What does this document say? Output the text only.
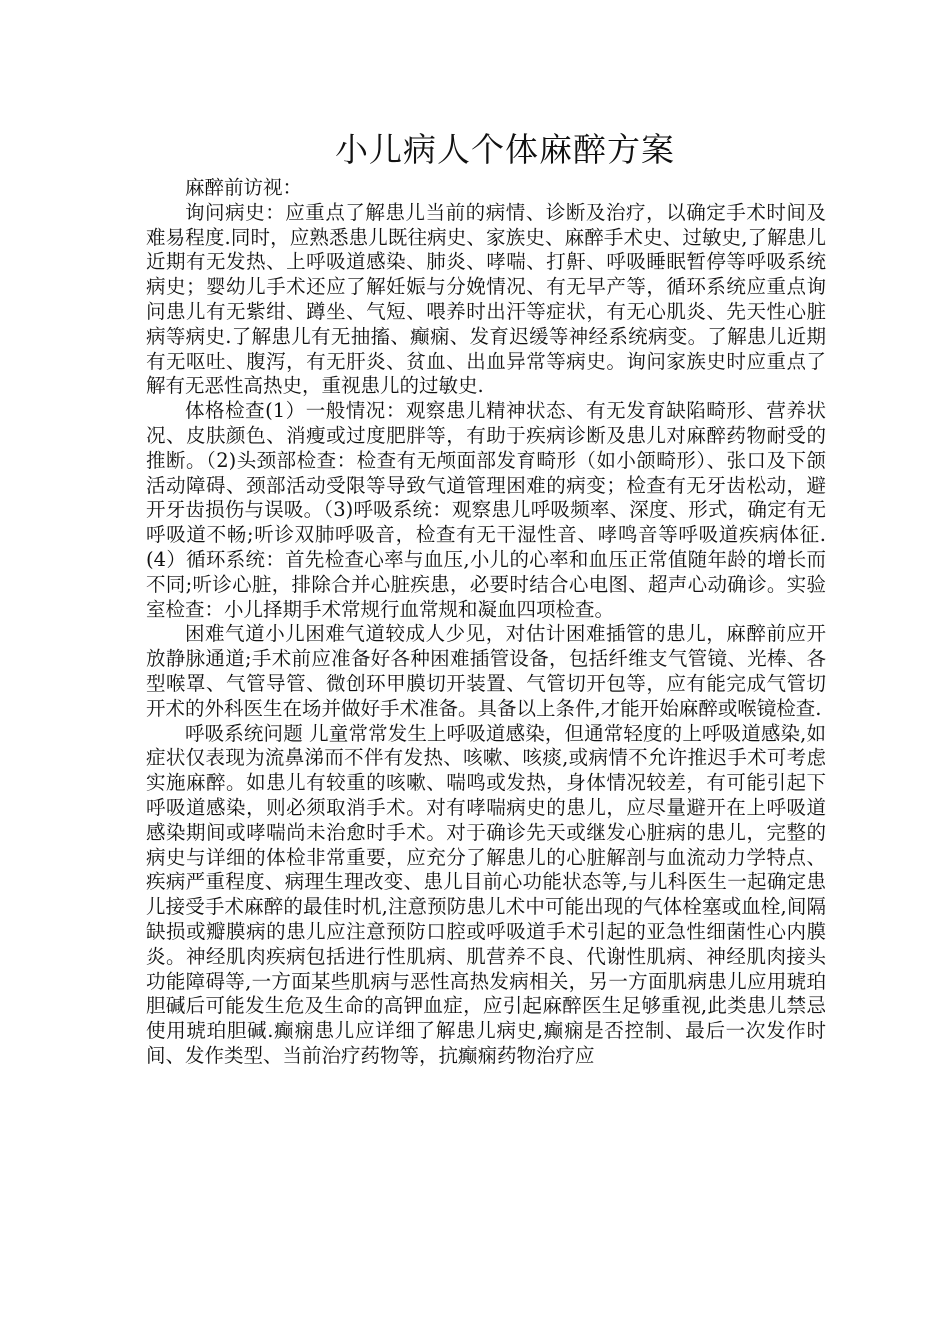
小儿病人个体麻醉方案

麻醉前访视：

询问病史：应重点了解患儿当前的病情、诊断及治疗，以确定手术时间及难易程度.同时，应熟悉患儿既往病史、家族史、麻醉手术史、过敏史,了解患儿近期有无发热、上呼吸道感染、肺炎、哮喘、打鼾、呼吸睡眠暂停等呼吸系统病史；婴幼儿手术还应了解妊娠与分娩情况、有无早产等，循环系统应重点询问患儿有无紫绀、蹲坐、气短、喂养时出汗等症状，有无心肌炎、先天性心脏病等病史.了解患儿有无抽搐、癫痫、发育迟缓等神经系统病变。了解患儿近期有无呕吐、腹泻，有无肝炎、贫血、出血异常等病史。询问家族史时应重点了解有无恶性高热史，重视患儿的过敏史.

体格检查(1）一般情况：观察患儿精神状态、有无发育缺陷畸形、营养状况、皮肤颜色、消瘦或过度肥胖等，有助于疾病诊断及患儿对麻醉药物耐受的推断。（2)头颈部检查：检查有无颅面部发育畸形（如小颌畸形）、张口及下颌活动障碍、颈部活动受限等导致气道管理困难的病变；检查有无牙齿松动，避开牙齿损伤与误吸。（3)呼吸系统：观察患儿呼吸频率、深度、形式，确定有无呼吸道不畅;听诊双肺呼吸音，检查有无干湿性音、哮鸣音等呼吸道疾病体征.(4）循环系统：首先检查心率与血压,小儿的心率和血压正常值随年龄的增长而不同;听诊心脏，排除合并心脏疾患，必要时结合心电图、超声心动确诊。实验室检查：小儿择期手术常规行血常规和凝血四项检查。

困难气道小儿困难气道较成人少见，对估计困难插管的患儿，麻醉前应开放静脉通道;手术前应准备好各种困难插管设备，包括纤维支气管镜、光棒、各型喉罩、气管导管、微创环甲膜切开装置、气管切开包等，应有能完成气管切开术的外科医生在场并做好手术准备。具备以上条件,才能开始麻醉或喉镜检查.

呼吸系统问题 儿童常常发生上呼吸道感染，但通常轻度的上呼吸道感染,如症状仅表现为流鼻涕而不伴有发热、咳嗽、咳痰,或病情不允许推迟手术可考虑实施麻醉。如患儿有较重的咳嗽、喘鸣或发热，身体情况较差，有可能引起下呼吸道感染，则必须取消手术。对有哮喘病史的患儿，应尽量避开在上呼吸道感染期间或哮喘尚未治愈时手术。对于确诊先天或继发心脏病的患儿，完整的病史与详细的体检非常重要，应充分了解患儿的心脏解剖与血流动力学特点、疾病严重程度、病理生理改变、患儿目前心功能状态等,与儿科医生一起确定患儿接受手术麻醉的最佳时机,注意预防患儿术中可能出现的气体栓塞或血栓,间隔缺损或瓣膜病的患儿应注意预防口腔或呼吸道手术引起的亚急性细菌性心内膜炎。神经肌肉疾病包括进行性肌病、肌营养不良、代谢性肌病、神经肌肉接头功能障碍等,一方面某些肌病与恶性高热发病相关，另一方面肌病患儿应用琥珀胆碱后可能发生危及生命的高钾血症，应引起麻醉医生足够重视,此类患儿禁忌使用琥珀胆碱.癫痫患儿应详细了解患儿病史,癫痫是否控制、最后一次发作时间、发作类型、当前治疗药物等，抗癫痫药物治疗应
